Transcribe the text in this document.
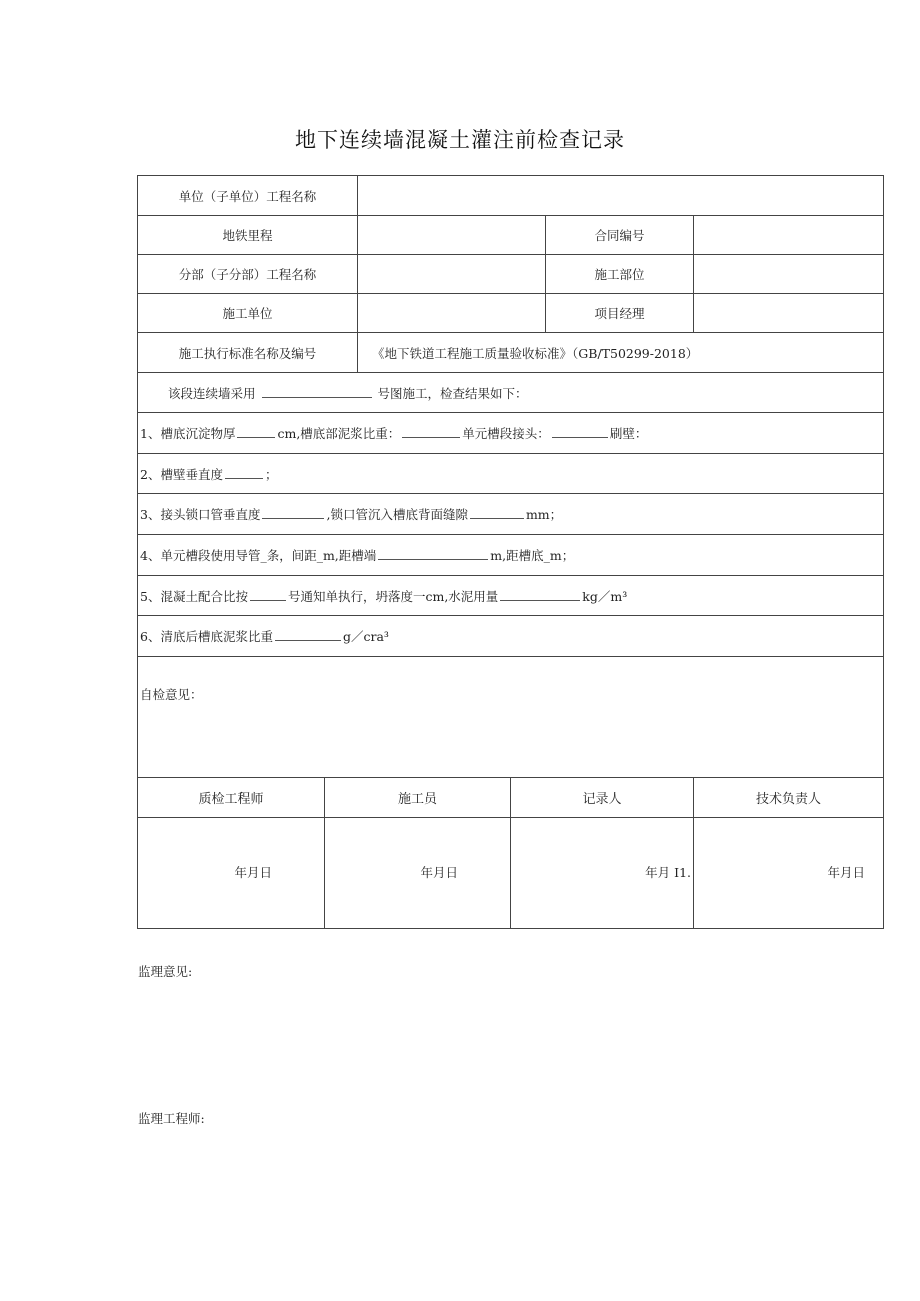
地下连续墙混凝土灌注前检查记录
单位（子单位）工程名称					
地铁里程				合同编号	
分部（子分部）工程名称				施工部位	
施工单位				项目经理	
施工执行标准名称及编号		《地下铁道工程施工质量验收标准》（GB/T50299-2018）			
该段连续墙采用 号图施工，检查结果如下：					
1、槽底沉淀物厚 cm,槽底部泥浆比重： 单元槽段接头： 刷壁：					
2、槽壁垂直度 ；					
3、接头锁口管垂直度 ,锁口管沉入槽底背面缝隙 mm；					
4、单元槽段使用导管_条，间距_m,距槽端 m,距槽底_m；					
5、混凝土配合比按 号通知单执行，坍落度一cm,水泥用量 kg／m³					
6、清底后槽底泥浆比重 g／cra³					
自检意见：					
质检工程师	施工员		记录人		技术负责人
年月日	年月日		年月 I1.		年月日
监理意见:
监理工程师:
